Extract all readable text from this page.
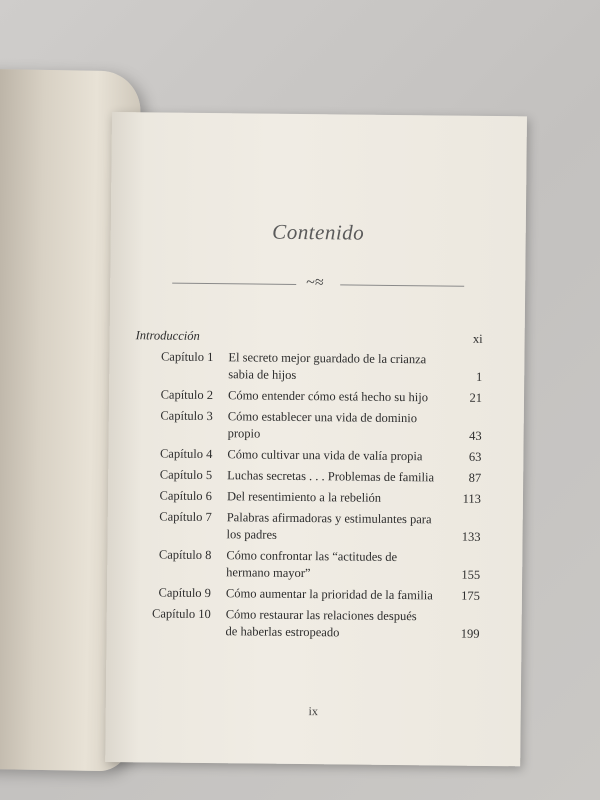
Contenido
~≈
Introducción	xi
Capítulo 1	El secreto mejor guardado de la crianza
sabia de hijos	1
Capítulo 2	Cómo entender cómo está hecho su hijo	21
Capítulo 3	Cómo establecer una vida de dominio
propio	43
Capítulo 4	Cómo cultivar una vida de valía propia	63
Capítulo 5	Luchas secretas . . . Problemas de familia	87
Capítulo 6	Del resentimiento a la rebelión	113
Capítulo 7	Palabras afirmadoras y estimulantes para
los padres	133
Capítulo 8	Cómo confrontar las “actitudes de
hermano mayor”	155
Capítulo 9	Cómo aumentar la prioridad de la familia	175
Capítulo 10	Cómo restaurar las relaciones después
de haberlas estropeado	199
ix
